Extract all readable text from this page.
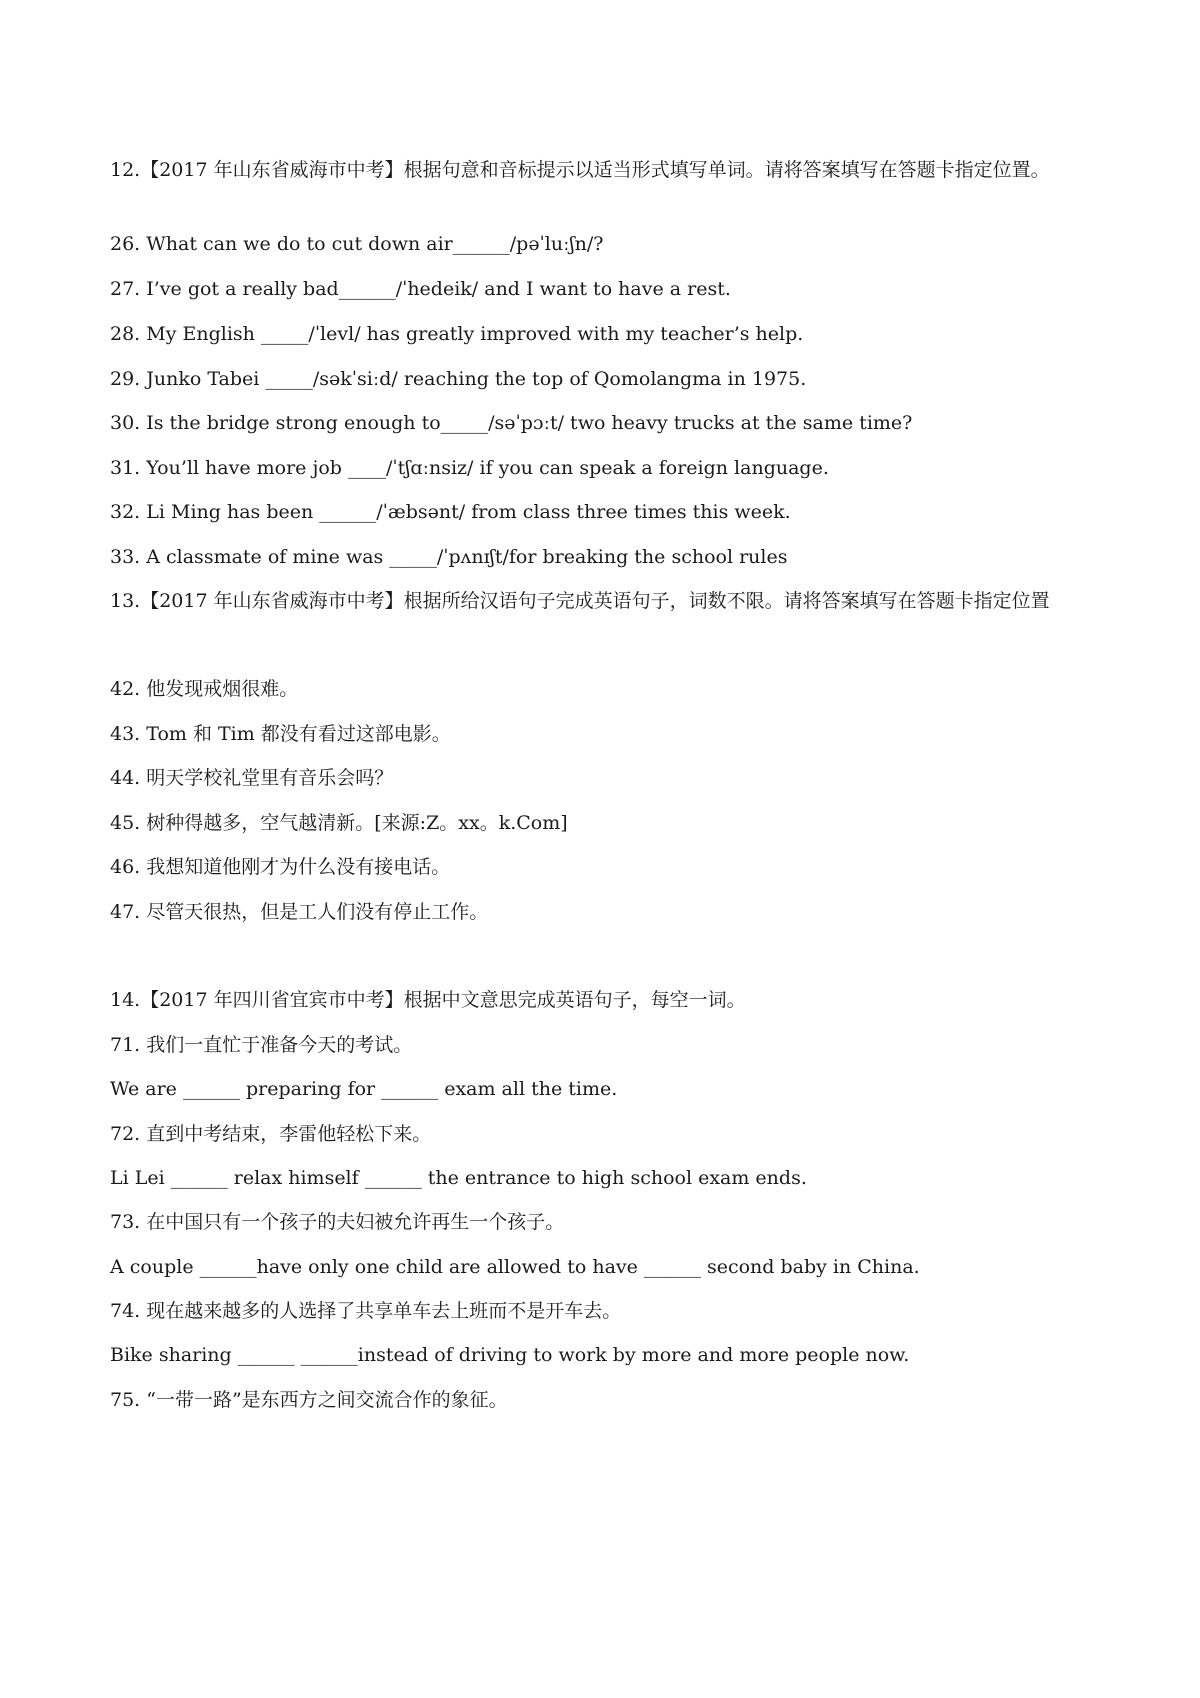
12.【2017 年山东省威海市中考】根据句意和音标提示以适当形式填写单词。请将答案填写在答题卡指定位置。
26. What can we do to cut down air______/pəˈluːʃn/?
27. I’ve got a really bad______/ˈhedeik/ and I want to have a rest.
28. My English _____/ˈlevl/ has greatly improved with my teacher’s help.
29. Junko Tabei _____/səkˈsiːd/ reaching the top of Qomolangma in 1975.
30. Is the bridge strong enough to_____/səˈpɔːt/ two heavy trucks at the same time?
31. You’ll have more job ____/ˈtʃɑːnsiz/ if you can speak a foreign language.
32. Li Ming has been ______/ˈæbsənt/ from class three times this week.
33. A classmate of mine was _____/ˈpʌnɪʃt/for breaking the school rules
13.【2017 年山东省威海市中考】根据所给汉语句子完成英语句子，词数不限。请将答案填写在答题卡指定位置
42. 他发现戒烟很难。
43. Tom 和 Tim 都没有看过这部电影。
44. 明天学校礼堂里有音乐会吗？
45. 树种得越多，空气越清新。[来源:Z。xx。k.Com]
46. 我想知道他刚才为什么没有接电话。
47. 尽管天很热，但是工人们没有停止工作。
14.【2017 年四川省宜宾市中考】根据中文意思完成英语句子，每空一词。
71. 我们一直忙于准备今天的考试。
We are ______ preparing for ______ exam all the time.
72. 直到中考结束，李雷他轻松下来。
Li Lei ______ relax himself ______ the entrance to high school exam ends.
73. 在中国只有一个孩子的夫妇被允许再生一个孩子。
A couple ______have only one child are allowed to have ______ second baby in China.
74. 现在越来越多的人选择了共享单车去上班而不是开车去。
Bike sharing ______ ______instead of driving to work by more and more people now.
75. “一带一路”是东西方之间交流合作的象征。
